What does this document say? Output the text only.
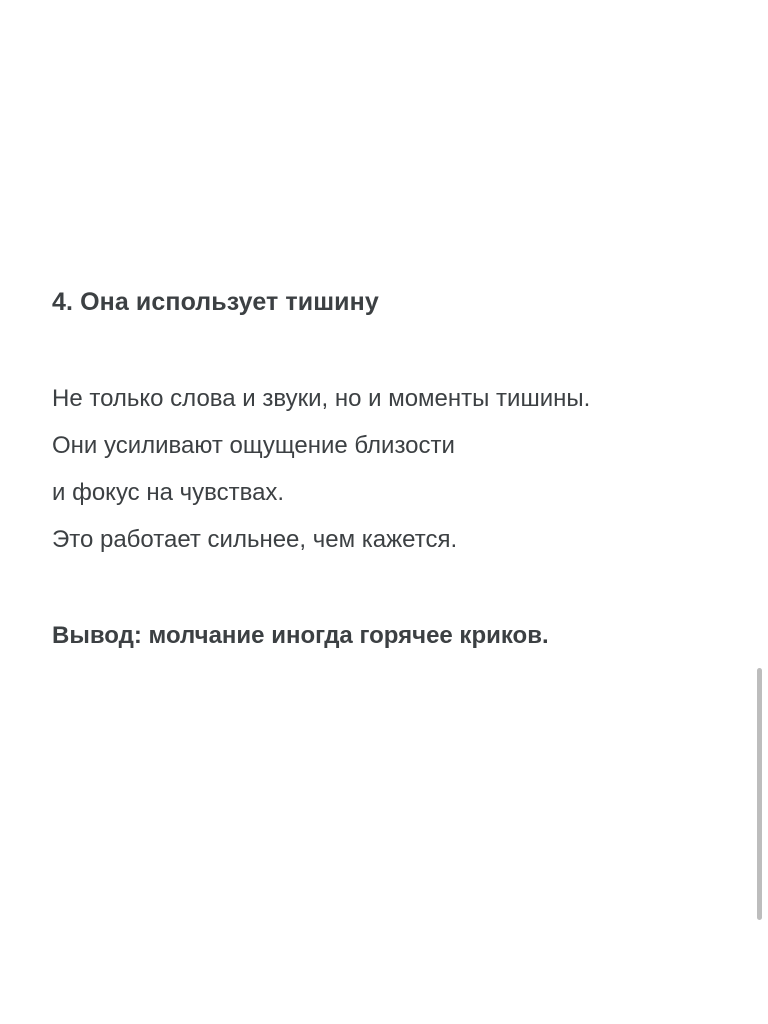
4. Она использует тишину
Не только слова и звуки, но и моменты тишины.
Они усиливают ощущение близости
и фокус на чувствах.
Это работает сильнее, чем кажется.

Вывод: молчание иногда горячее криков.
